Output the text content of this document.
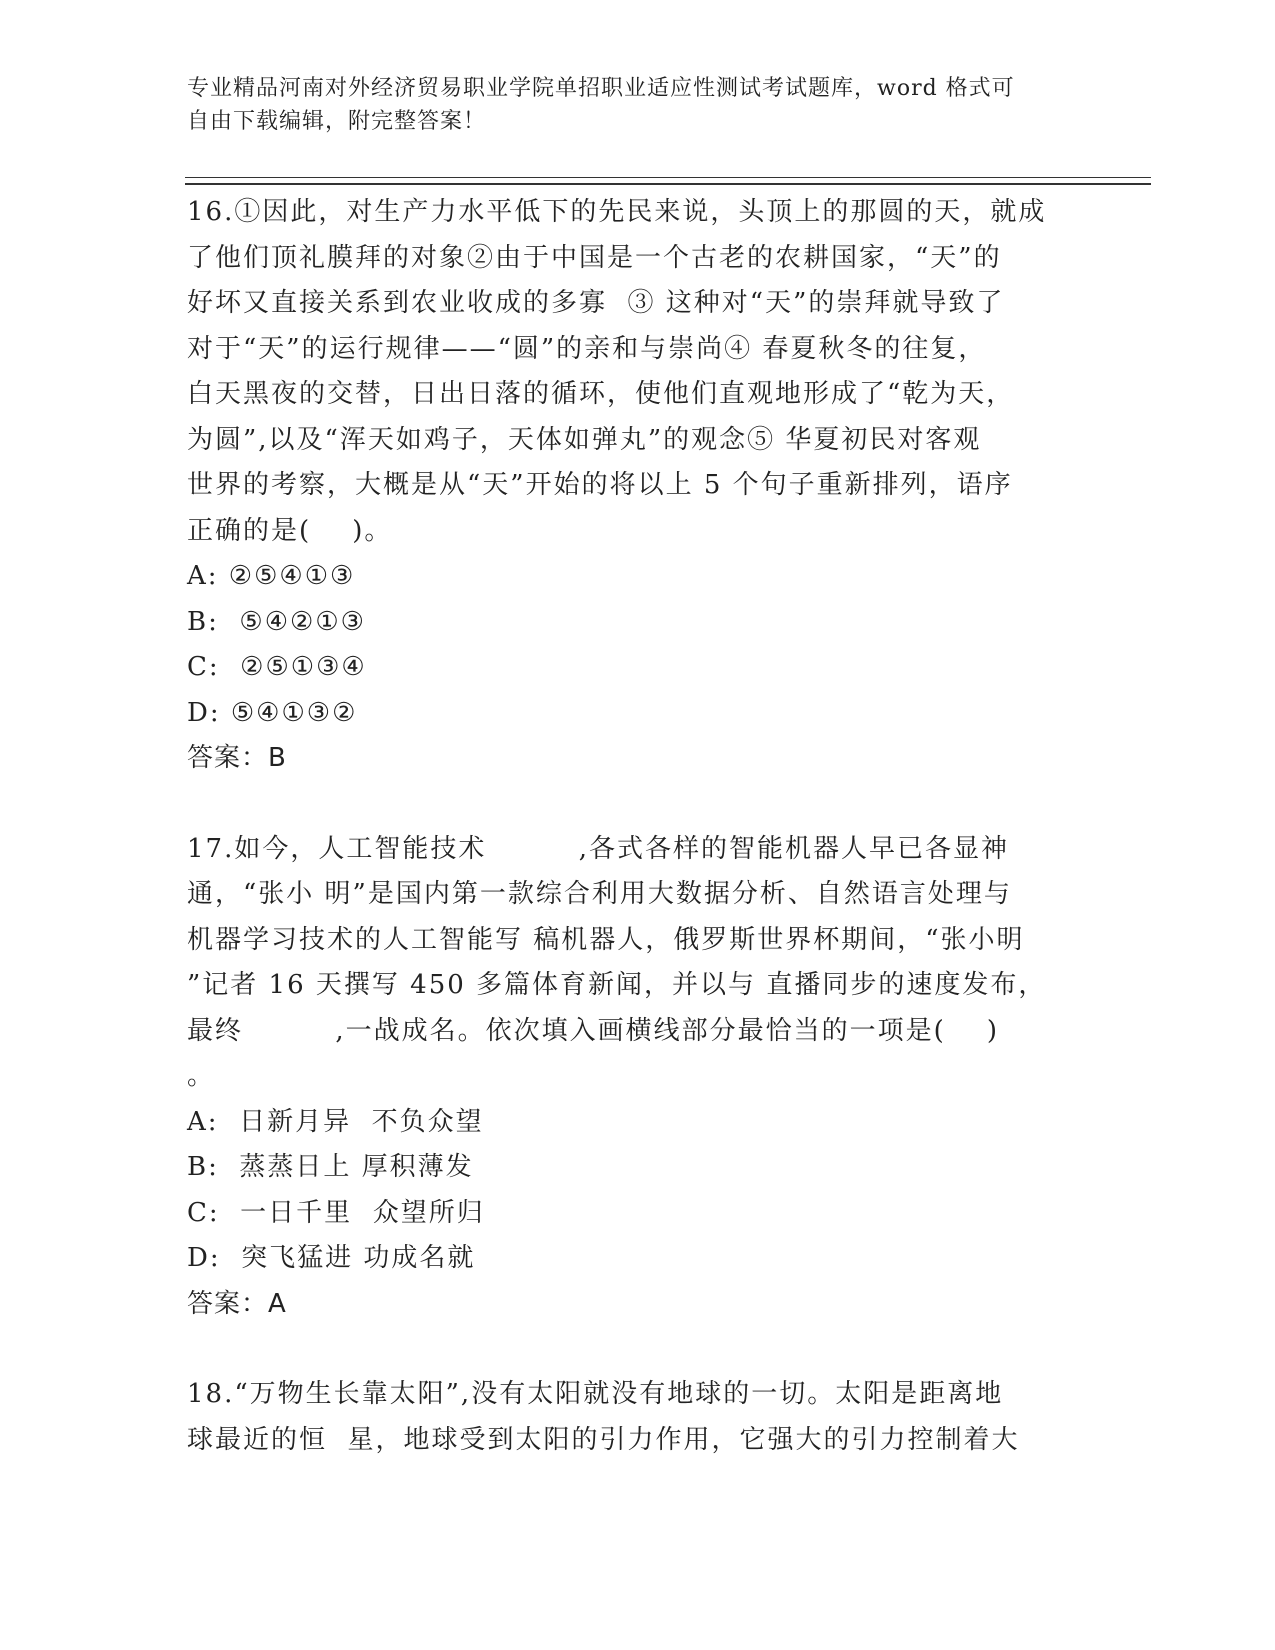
专业精品河南对外经济贸易职业学院单招职业适应性测试考试题库，word 格式可
自由下载编辑，附完整答案！
16.①因此，对生产力水平低下的先民来说，头顶上的那圆的天，就成
了他们顶礼膜拜的对象②由于中国是一个古老的农耕国家，“天”的
好坏又直接关系到农业收成的多寡  ③ 这种对“天”的崇拜就导致了
对于“天”的运行规律——“圆”的亲和与崇尚④ 春夏秋冬的往复，
白天黑夜的交替，日出日落的循环，使他们直观地形成了“乾为天，
为圆”,以及“浑天如鸡子，天体如弹丸”的观念⑤ 华夏初民对客观
世界的考察，大概是从“天”开始的将以上 5 个句子重新排列，语序
正确的是(    )。
A: ②⑤④①③
B:  ⑤④②①③
C:  ②⑤①③④
D: ⑤④①③②
答案：B
17.如今，人工智能技术         ,各式各样的智能机器人早已各显神
通，“张小 明”是国内第一款综合利用大数据分析、自然语言处理与
机器学习技术的人工智能写 稿机器人，俄罗斯世界杯期间，“张小明
”记者 16 天撰写 450 多篇体育新闻，并以与 直播同步的速度发布，
最终         ,一战成名。依次填入画横线部分最恰当的一项是(    )
。
A:  日新月异  不负众望
B:  蒸蒸日上 厚积薄发
C:  一日千里  众望所归
D:  突飞猛进 功成名就
答案：A
18.“万物生长靠太阳”,没有太阳就没有地球的一切。太阳是距离地
球最近的恒  星，地球受到太阳的引力作用，它强大的引力控制着大
